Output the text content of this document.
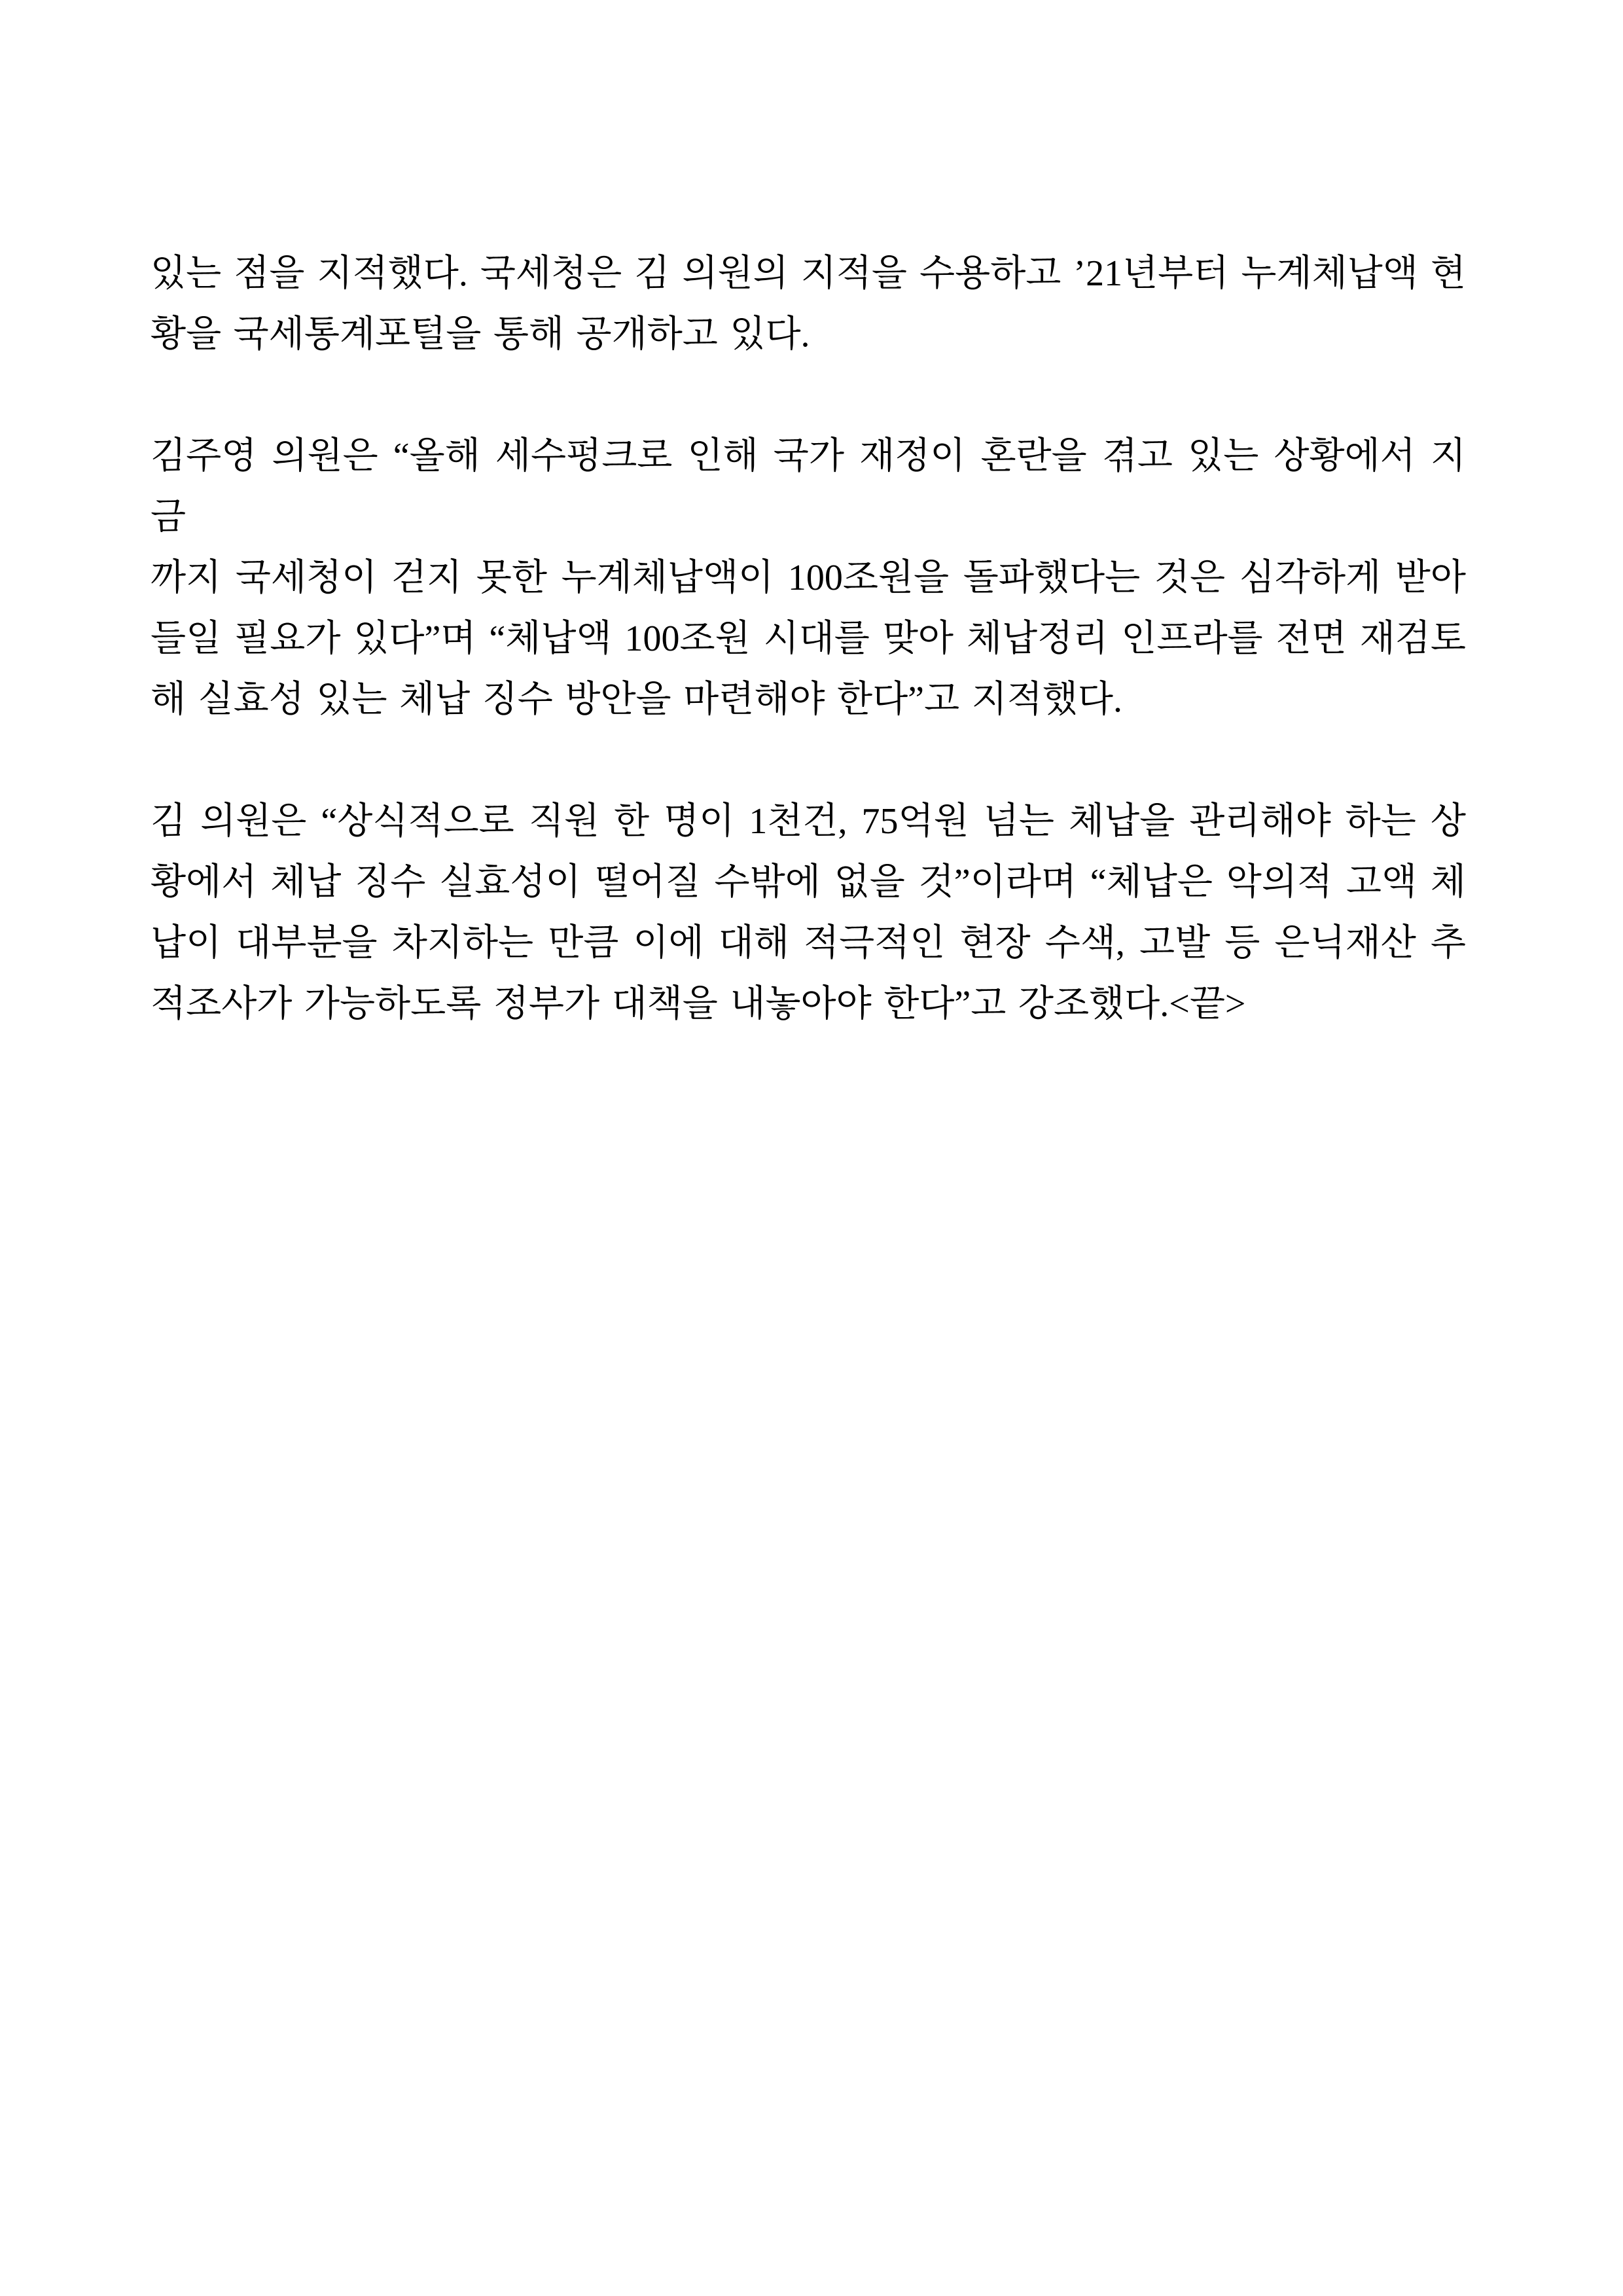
있는 점을 지적했다. 국세청은 김 의원의 지적을 수용하고 ’21년부터 누계체납액 현
황을 국세통계포털을 통해 공개하고 있다.
김주영 의원은 “올해 세수펑크로 인해 국가 재정이 혼란을 겪고 있는 상황에서 지금
까지 국세청이 걷지 못한 누계체납액이 100조원을 돌파했다는 것은 심각하게 받아
들일 필요가 있다”며 “체납액 100조원 시대를 맞아 체납정리 인프라를 전면 재검토
해 실효성 있는 체납 징수 방안을 마련해야 한다”고 지적했다.
김 의원은 “상식적으로 직원 한 명이 1천건, 75억원 넘는 체납을 관리해야 하는 상
황에서 체납 징수 실효성이 떨어질 수밖에 없을 것”이라며 “체납은 악의적 고액 체
납이 대부분을 차지하는 만큼 이에 대해 적극적인 현장 수색, 고발 등 은닉재산 추
적조사가 가능하도록 정부가 대책을 내놓아야 한다”고 강조했다.<끝>
